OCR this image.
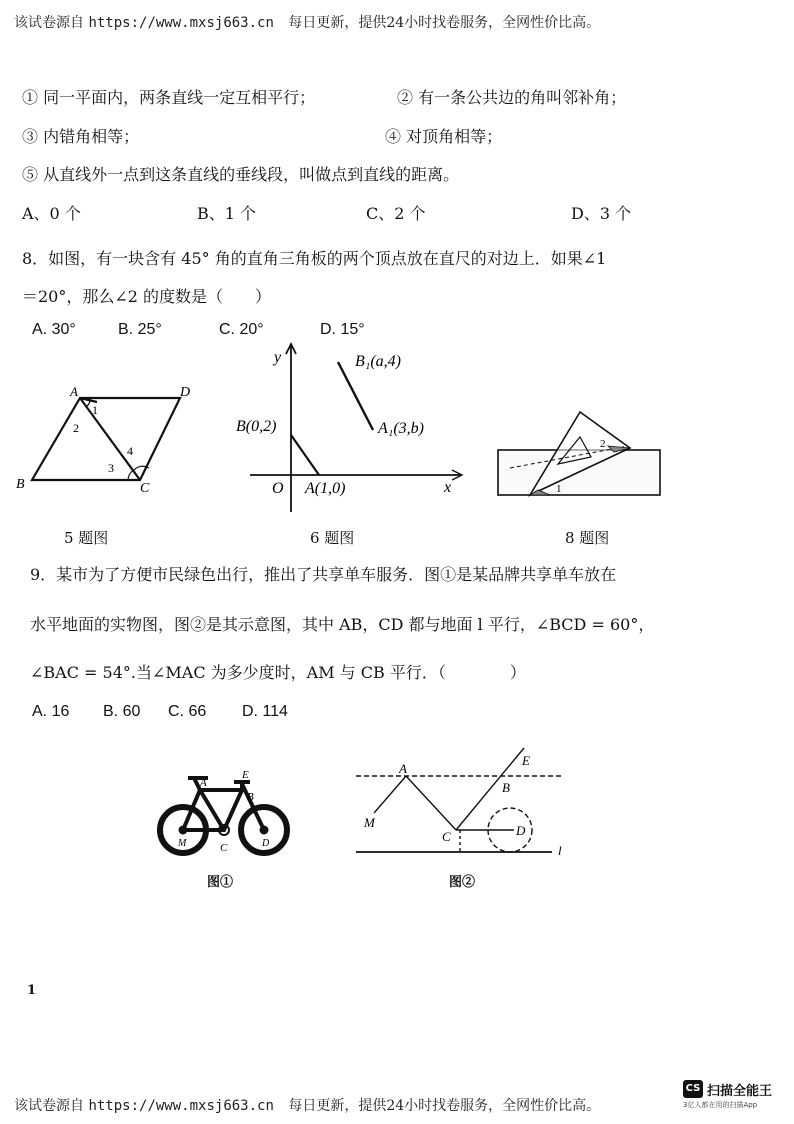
该试卷源自 https://www.mxsj663.cn 每日更新，提供24小时找卷服务，全网性价比高。
① 同一平面内，两条直线一定互相平行；	② 有一条公共边的角叫邻补角；
③ 内错角相等；	④ 对顶角相等；
⑤ 从直线外一点到这条直线的垂线段，叫做点到直线的距离。
A、0 个	B、1 个	C、2 个	D、3 个
8．如图，有一块含有 45° 角的直角三角板的两个顶点放在直尺的对边上．如果∠1
＝20°，那么∠2 的度数是（　　）
A. 30°	B. 25°	C. 20°	D. 15°
A	D
B	C
1
2
3
4
5 题图
y	B₁(a,4)
B(0,2)	A₁(3,b)
O A(1,0)	x
6 题图
1
2
8 题图
9．某市为了方便市民绿色出行，推出了共享单车服务．图①是某品牌共享单车放在
水平地面的实物图，图②是其示意图，其中 AB，CD 都与地面 l 平行，∠BCD = 60°，
∠BAC = 54°.当∠MAC 为多少度时，AM 与 CB 平行．（　　　　）
A. 16 B. 60 C. 66 D. 114
A
E
B
M	C	D
图①
A
E
B
M
C	D
l
图②
1
该试卷源自 https://www.mxsj663.cn 每日更新，提供24小时找卷服务，全网性价比高。
CS 扫描全能王
3亿人都在用的扫描App
